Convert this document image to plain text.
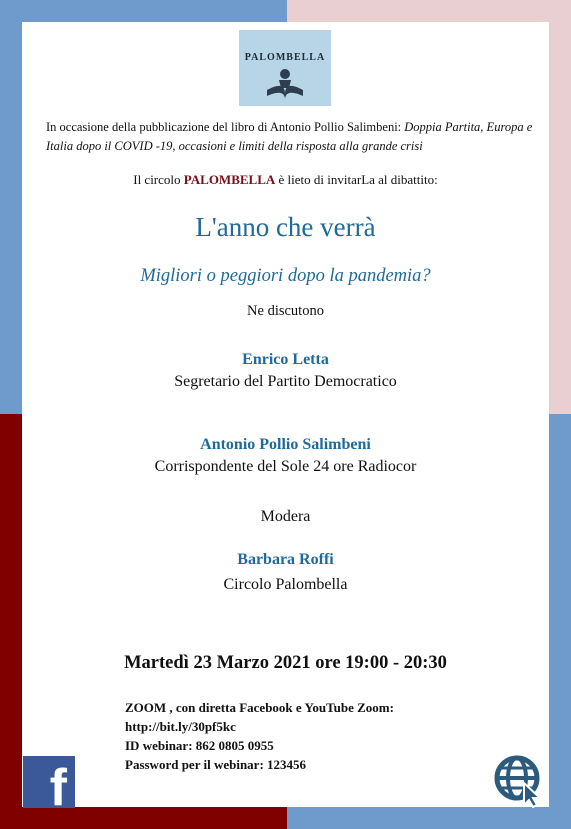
PALOMBELLA
In occasione della pubblicazione del libro di Antonio Pollio Salimbeni: Doppia Partita, Europa e Italia dopo il COVID -19, occasioni e limiti della risposta alla grande crisi
Il circolo PALOMBELLA è lieto di invitarLa al dibattito:
L'anno che verrà
Migliori o peggiori dopo la pandemia?
Ne discutono
Enrico Letta
Segretario del Partito Democratico
Antonio Pollio Salimbeni
Corrispondente del Sole 24 ore Radiocor
Modera
Barbara Roffi
Circolo Palombella
Martedì 23 Marzo 2021 ore 19:00 - 20:30
ZOOM , con diretta Facebook e YouTube Zoom:
http://bit.ly/30pf5kc
ID webinar: 862 0805 0955
Password per il webinar: 123456
f
